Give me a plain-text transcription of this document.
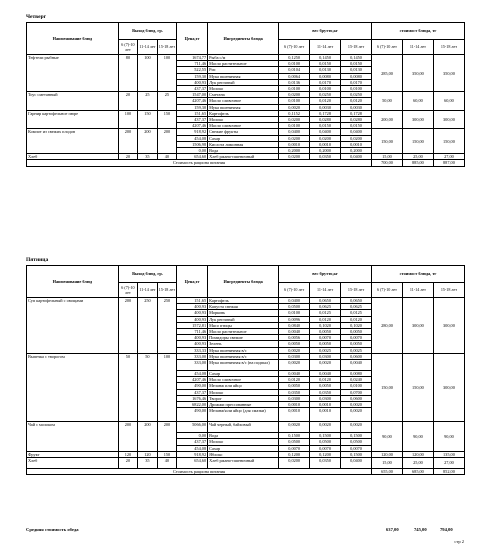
Четверг
Наименование блюд	Выход блюд, гр.			Цена,тг	Ингредиенты блюда	вес брутто,кг			стоимост блюда, тг		
	6 (7)-10 лет	11-14 лет	15-18 лет			6 (7)-10 лет	11-14 лет	15-18 лет	6 (7)-10 лет	11-14 лет	15-18 лет
Тефтели рыбные	80	100	100	1674,77	Рыба с/м	0,1250	0,1450	0,1450	285,00	350,00	350,00
				711,46	Масло растительное	0,0100	0,0150	0,0150			
				522,55	Рис	0,0104	0,0130	0,0130			
				159,30	Мука пшеничная	0,0064	0,0080	0,0080			
				400,93	Лук репчатый	0,0136	0,0170	0,0170			
				437,37	Молоко	0,0100	0,0100	0,0100			
Тоус сметанный	20	25	25	1547,00	Сметана	0,0200	0,0250	0,0250	50,00	60,00	60,00
				4207,46	Масло сливочное	0,0100	0,0120	0,0120			
				159,30	Мука пшеничная	0,0020	0,0030	0,0030			
Гарнир картофельное пюре	100	150	150	151,65	Картофель	0,1152	0,1728	0,1728	200,00	300,00	300,00
				437,37	Молоко	0,0200	0,0280	0,0280			
				4207,46	Масло сливочное	0,0100	0,0150	0,0150			
Компот из свежих плодов	200	200	200	918,92	Свежие фрукты	0,0400	0,0400	0,0400	150,00	150,00	150,00
				454,08	Сахар	0,0200	0,0200	0,0200			
				1506,98	Кислота лимонная	0,0010	0,0010	0,0010			
				0,00	Вода	0,2000	0,2000	0,2000			
Хлеб	20	35	40	654,60	Хлеб ржано-пшеничный	0,0200	0,0350	0,0400	15,00	25,00	27,00
Стоимость рациона питания									700,00	885,00	887,00
Пятница
Наименование блюд	Выход блюд, гр.			Цена,тг	Ингредиенты блюда	вес брутто,кг			стоимост блюда, тг		
	6 (7)-10 лет	11-14 лет	15-18 лет			6 (7)-10 лет	11-14 лет	15-18 лет	6 (7)-10 лет	11-14 лет	15-18 лет
Суп картофельный с овощами	200	250	250	151,65	Картофель	0,0400	0,0650	0,0650	280,00	300,00	300,00
				400,93	Капуста свежая	0,0500	0,0625	0,0625			
				400,93	Морковь	0,0100	0,0125	0,0125			
				400,93	Лук репчатый	0,0096	0,0120	0,0120			
				1572,81	Мясо птицы	0,0840	0,1020	0,1020			
				711,46	Масло растительное	0,0040	0,0050	0,0050			
				400,93	Помидоры свежие	0,0056	0,0070	0,0070			
				400,93	Зелень	0,0050	0,0050	0,0050			
				333,33	Мука пшеничная в/с	0,0020	0,0025	0,0025			
Выпечка с творогом	50	50	100	333,00	Мука пшеничная в/с	0,0300	0,0300	0,0600	150,00	150,00	300,00
				333,00	Мука пшеничная в/с (на подпыл)	0,0020	0,0020	0,0040			
				454,08	Сахар	0,0040	0,0040	0,0080			
				4207,46	Масло сливочное	0,0120	0,0120	0,0240			
				490,00	Меланж или яйцо	0,0050	0,0050	0,0100			
				437,37	Молоко	0,0350	0,0350	0,0700			
				1676,46	Творог	0,0300	0,0300	0,0600			
				6822,00	Дрожжи прессованные	0,0010	0,0010	0,0020			
				490,00	Меланж\или яйцо (для смазки)	0,0010	0,0010	0,0020			
Чай с молоком	200	200	200	5066,00	Чай черный, байховый	0,0020	0,0020	0,0020	90,00	90,00	90,00
				0,00	Вода	0,1500	0,1500	0,1500			
				437,37	Молоко	0,0500	0,0500	0,0500			
				454,08	Сахар	0,0070	0,0070	0,0070			
Фрукт	120	120	150	918,92	Яблоко	0,1200	0,1200	0,1500	120,00	120,00	135,00
Хлеб	20	35	40	654,60	Хлеб ржано-пшеничный	0,0200	0,0350	0,0400	15,00	25,00	27,00
Стоимость рациона питания									655,00	685,00	852,00
Средняя стоимость обеда	637,00	745,00	794,00
стр 2
